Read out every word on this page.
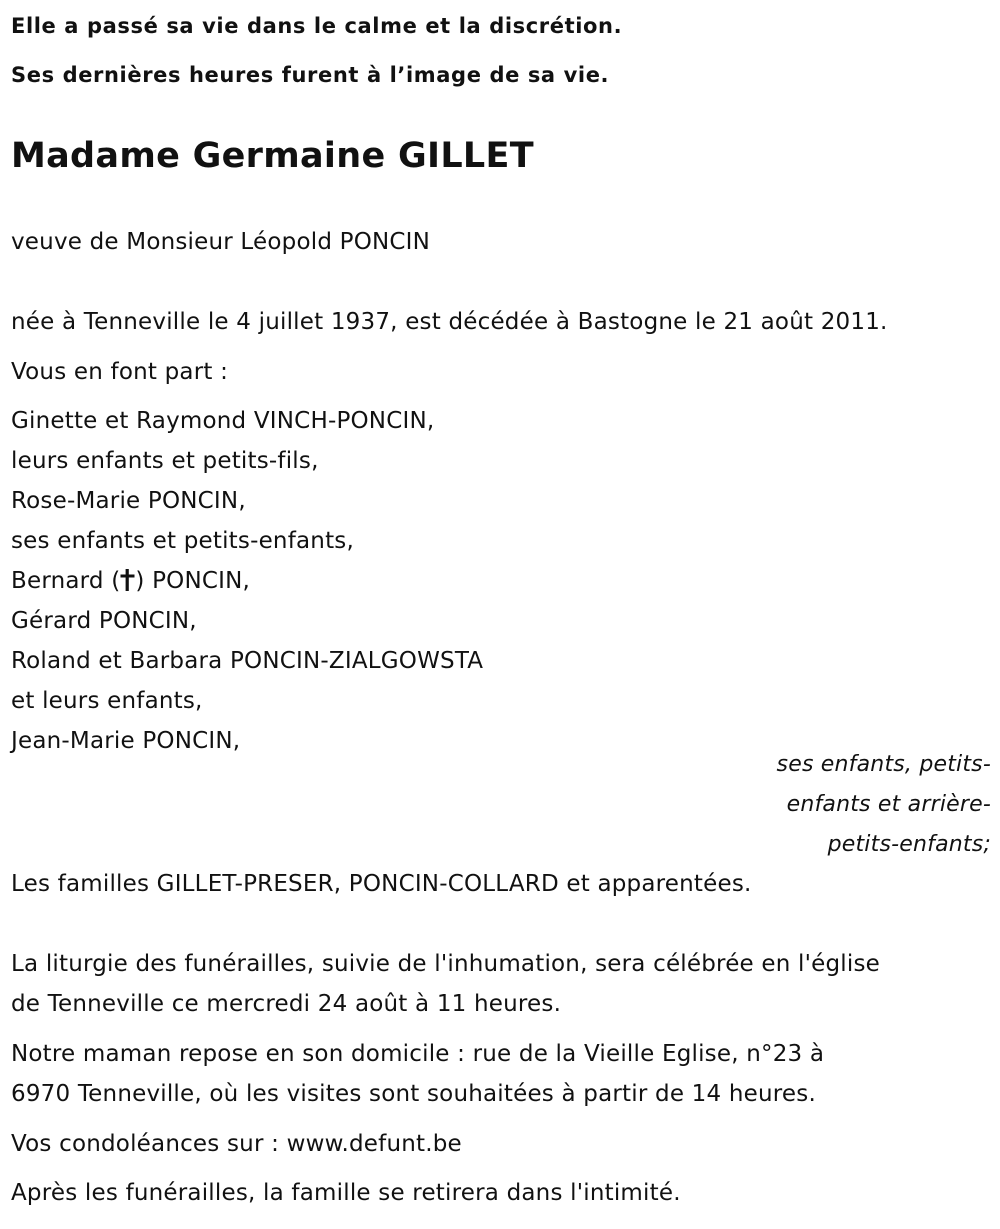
Elle a passé sa vie dans le calme et la discrétion.
Ses dernières heures furent à l’image de sa vie.
Madame Germaine GILLET
veuve de Monsieur Léopold PONCIN
née à Tenneville le 4 juillet 1937, est décédée à Bastogne le 21 août 2011.
Vous en font part :
Ginette et Raymond VINCH-PONCIN,
leurs enfants et petits-fils,
Rose-Marie PONCIN,
ses enfants et petits-enfants,
Bernard ( ) PONCIN,
Gérard PONCIN,
Roland et Barbara PONCIN-ZIALGOWSTA
et leurs enfants,
Jean-Marie PONCIN,
ses enfants, petits-
enfants et arrière-
petits-enfants;
Les familles GILLET-PRESER, PONCIN-COLLARD et apparentées.
La liturgie des funérailles, suivie de l'inhumation, sera célébrée en l'église
de Tenneville ce mercredi 24 août à 11 heures.
Notre maman repose en son domicile : rue de la Vieille Eglise, n°23 à
6970 Tenneville, où les visites sont souhaitées à partir de 14 heures.
Vos condoléances sur : www.defunt.be
Après les funérailles, la famille se retirera dans l'intimité.
